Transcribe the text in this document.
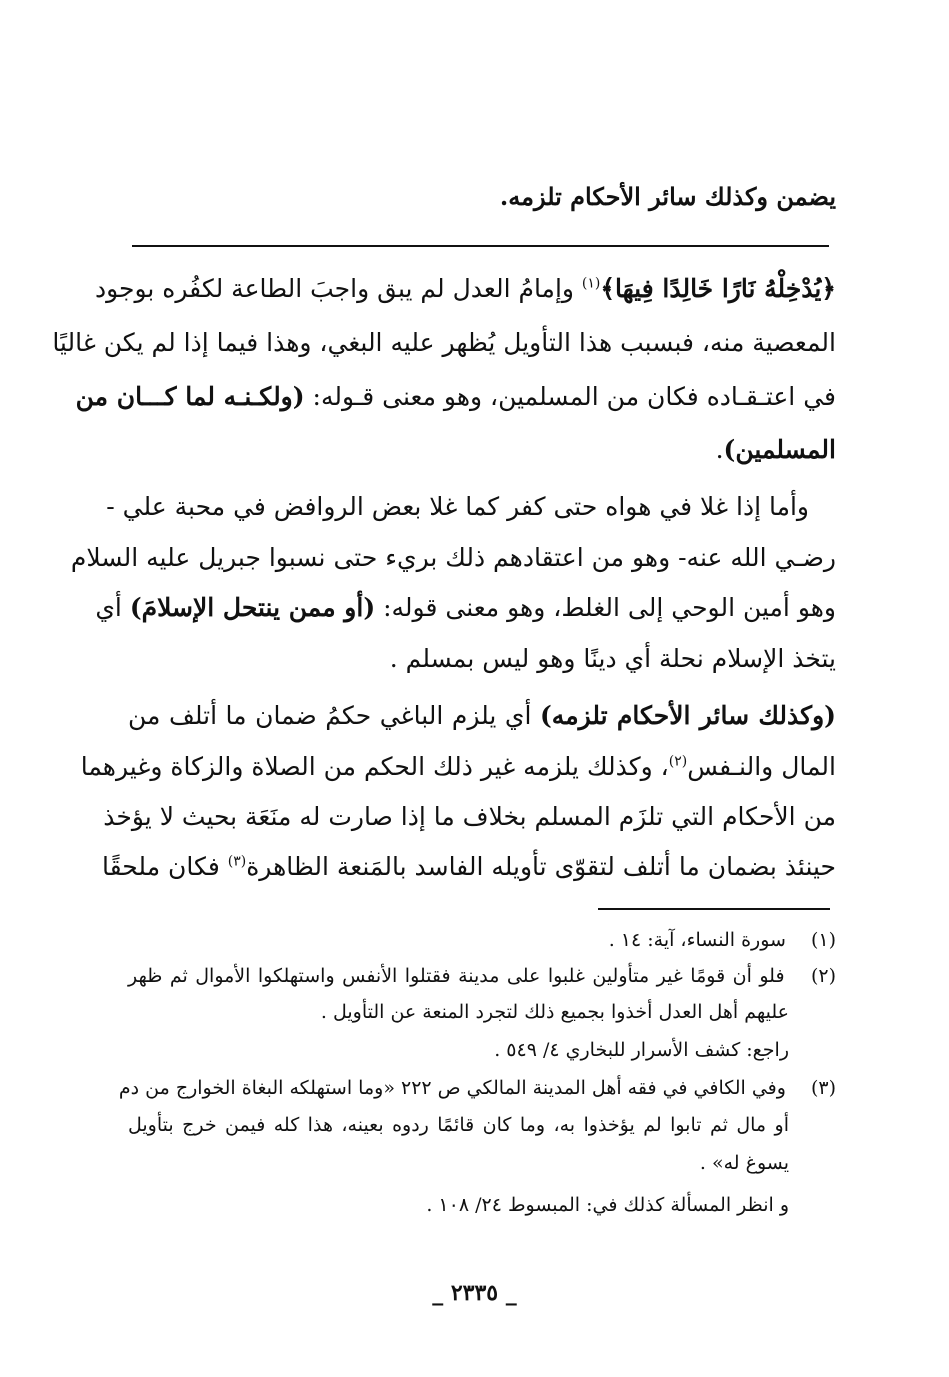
يضمن وكذلك سائر الأحكام تلزمه.
﴿يُدْخِلْهُ نَارًا خَالِدًا فِيهَا﴾$^{(١)}$ وإمامُ العدل لم يبق واجبَ الطاعة لكفُره بوجود
المعصية منه، فبسبب هذا التأويل يُظهر عليه البغي، وهذا فيما إذا لم يكن غاليًا
في اعتـقـاده فكان من المسلمين، وهو معنى قـوله: (ولكـنـه لما كـــان من
المسلمين).
وأما إذا غلا في هواه حتى كفر كما غلا بعض الروافض في محبة علي -
رضـي الله عنه- وهو من اعتقادهم ذلك بريء حتى نسبوا جبريل عليه السلام
وهو أمين الوحي إلى الغلط، وهو معنى قوله: (أو ممن ينتحل الإسلامَ) أي
يتخذ الإسلام نحلة أي دينًا وهو ليس بمسلم .
(وكذلك سائر الأحكام تلزمه) أي يلزم الباغي حكمُ ضمان ما أتلف من
المال والنـفس$^{(٢)}$، وكذلك يلزمه غير ذلك الحكم من الصلاة والزكاة وغيرهما
من الأحكام التي تلزَم المسلم بخلاف ما إذا صارت له منَعَة بحيث لا يؤخذ
حينئذ بضمان ما أتلف لتقوّى تأويله الفاسد بالمَنعة الظاهرة$^{(٣)}$ فكان ملحقًا
(١) سورة النساء، آية: ١٤ .
(٢) فلو أن قومًا غير متأولين غلبوا على مدينة فقتلوا الأنفس واستهلكوا الأموال ثم ظهر
عليهم أهل العدل أخذوا بجميع ذلك لتجرد المنعة عن التأويل .
راجع: كشف الأسرار للبخاري ٤/ ٥٤٩ .
(٣) وفي الكافي في فقه أهل المدينة المالكي ص ٢٢٢ «وما استهلكه البغاة الخوارج من دم
أو مال ثم تابوا لم يؤخذوا به، وما كان قائمًا ردوه بعينه، هذا كله فيمن خرج بتأويل
يسوغ له» .
و انظر المسألة كذلك في: المبسوط ٢٤/ ١٠٨ .
_ ٢٣٣٥ _
